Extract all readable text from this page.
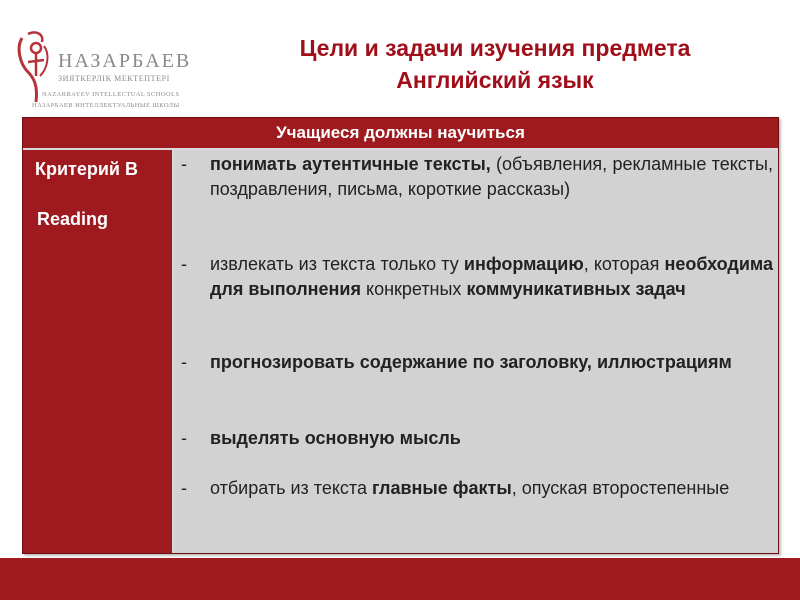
НАЗАРБАЕВ
ЗИЯТКЕРЛІК МЕКТЕПТЕРІ
NAZARBAYEV INTELLECTUAL SCHOOLS
НАЗАРБАЕВ ИНТЕЛЛЕКТУАЛЬНЫЕ ШКОЛЫ
Цели и задачи изучения предмета
Английский язык
Учащиеся должны научиться
Критерий В
Reading
- понимать аутентичные тексты, (объявления, рекламные тексты, поздравления, письма, короткие рассказы)
- извлекать из текста только ту информацию, которая необходима для выполнения конкретных коммуникативных задач
- прогнозировать содержание по заголовку, иллюстрациям
- выделять основную мысль
- отбирать из текста главные факты, опуская второстепенные
